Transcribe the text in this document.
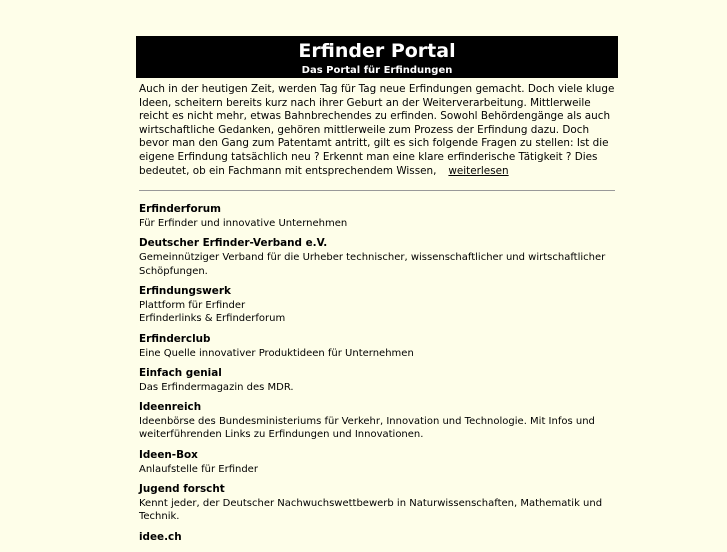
Erfinder Portal
Das Portal für Erfindungen

Auch in der heutigen Zeit, werden Tag für Tag neue Erfindungen gemacht. Doch viele kluge Ideen, scheitern bereits kurz nach ihrer Geburt an der Weiterverarbeitung. Mittlerweile reicht es nicht mehr, etwas Bahnbrechendes zu erfinden. Sowohl Behördengänge als auch wirtschaftliche Gedanken, gehören mittlerweile zum Prozess der Erfindung dazu. Doch bevor man den Gang zum Patentamt antritt, gilt es sich folgende Fragen zu stellen: Ist die eigene Erfindung tatsächlich neu ? Erkennt man eine klare erfinderische Tätigkeit ? Dies bedeutet, ob ein Fachmann mit entsprechendem Wissen, weiterlesen

Erfinderforum
Für Erfinder und innovative Unternehmen
Deutscher Erfinder-Verband e.V.
Gemeinnütziger Verband für die Urheber technischer, wissenschaftlicher und wirtschaftlicher Schöpfungen.
Erfindungswerk
Plattform für Erfinder
Erfinderlinks & Erfinderforum
Erfinderclub
Eine Quelle innovativer Produktideen für Unternehmen
Einfach genial
Das Erfindermagazin des MDR.
Ideenreich
Ideenbörse des Bundesministeriums für Verkehr, Innovation und Technologie. Mit Infos und weiterführenden Links zu Erfindungen und Innovationen.
Ideen-Box
Anlaufstelle für Erfinder
Jugend forscht
Kennt jeder, der Deutscher Nachwuchswettbewerb in Naturwissenschaften, Mathematik und Technik.
idee.ch
